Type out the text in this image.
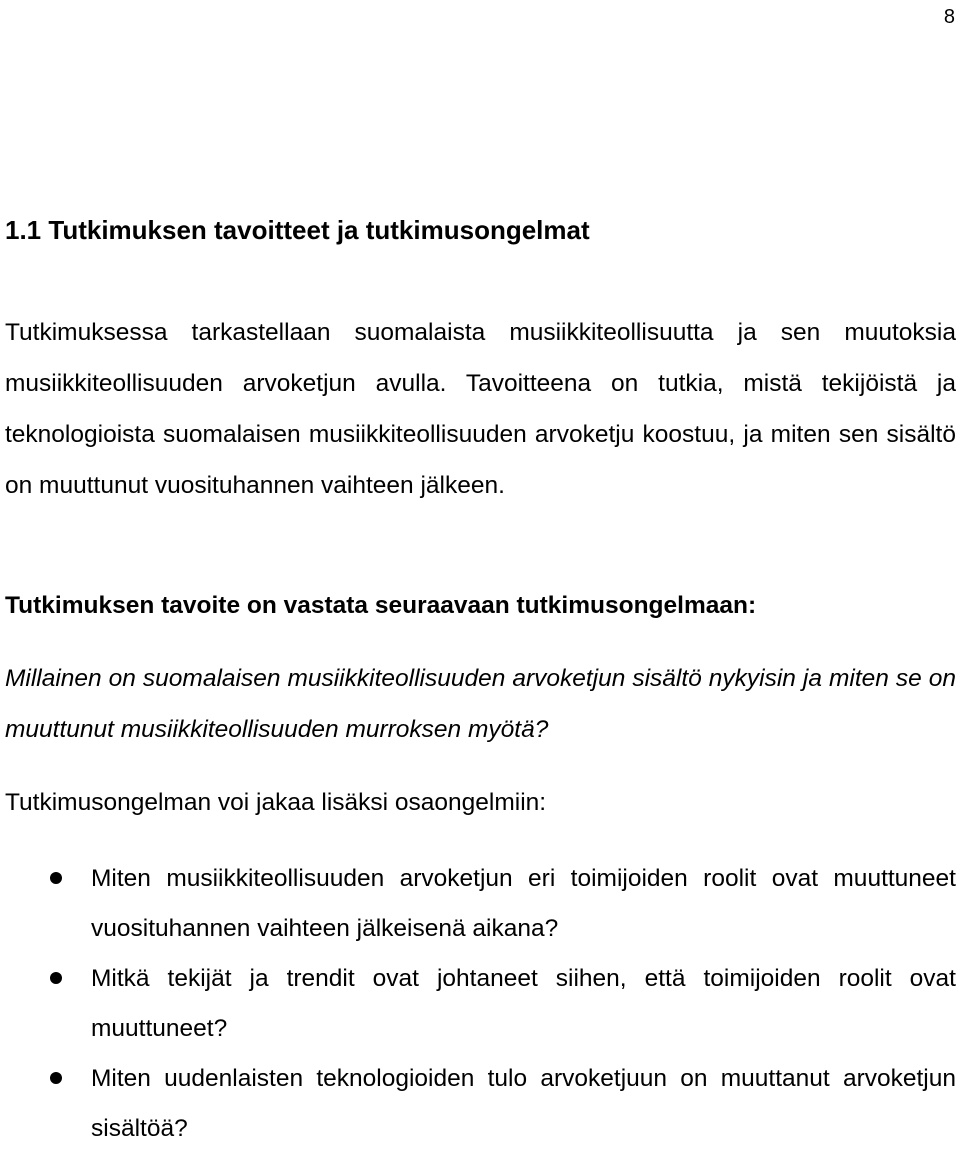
8
1.1 Tutkimuksen tavoitteet ja tutkimusongelmat

Tutkimuksessa tarkastellaan suomalaista musiikkiteollisuutta ja sen muutoksia musiikkiteollisuuden arvoketjun avulla. Tavoitteena on tutkia, mistä tekijöistä ja teknologioista suomalaisen musiikkiteollisuuden arvoketju koostuu, ja miten sen sisältö on muuttunut vuosituhannen vaihteen jälkeen.

Tutkimuksen tavoite on vastata seuraavaan tutkimusongelmaan:

Millainen on suomalaisen musiikkiteollisuuden arvoketjun sisältö nykyisin ja miten se on muuttunut musiikkiteollisuuden murroksen myötä?

Tutkimusongelman voi jakaa lisäksi osaongelmiin:

Miten musiikkiteollisuuden arvoketjun eri toimijoiden roolit ovat muuttuneet vuosituhannen vaihteen jälkeisenä aikana?
Mitkä tekijät ja trendit ovat johtaneet siihen, että toimijoiden roolit ovat muuttuneet?
Miten uudenlaisten teknologioiden tulo arvoketjuun on muuttanut arvoketjun sisältöä?
